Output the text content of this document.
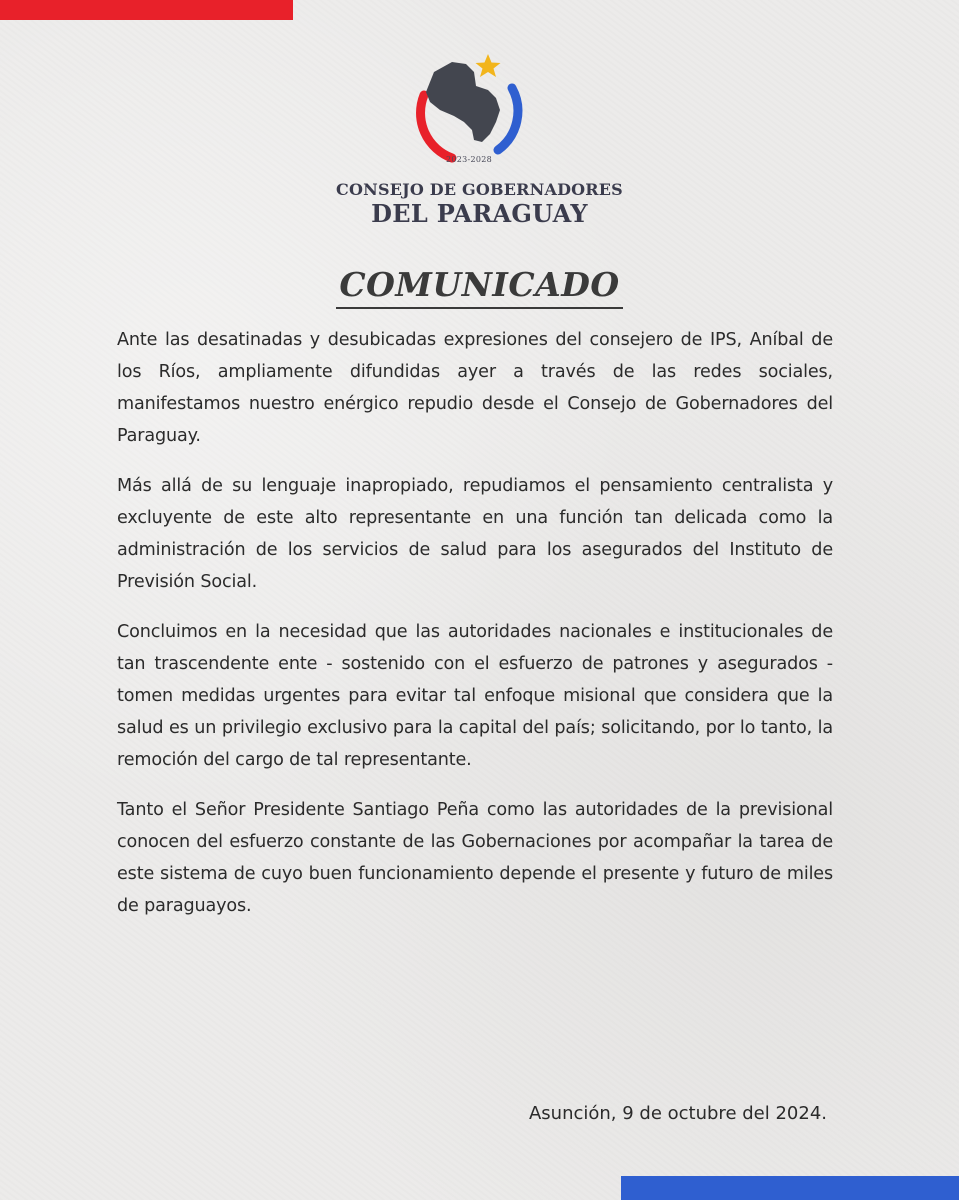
2023-2028
CONSEJO DE GOBERNADORES
DEL PARAGUAY
COMUNICADO

Ante las desatinadas y desubicadas expresiones del consejero de IPS, Aníbal de los Ríos, ampliamente difundidas ayer a través de las redes sociales, manifestamos nuestro enérgico repudio desde el Consejo de Gobernadores del Paraguay.

Más allá de su lenguaje inapropiado, repudiamos el pensamiento centralista y excluyente de este alto representante en una función tan delicada como la administración de los servicios de salud para los asegurados del Instituto de Previsión Social.

Concluimos en la necesidad que las autoridades nacionales e institucionales de tan trascendente ente - sostenido con el esfuerzo de patrones y asegurados - tomen medidas urgentes para evitar tal enfoque misional que considera que la salud es un privilegio exclusivo para la capital del país; solicitando, por lo tanto, la remoción del cargo de tal representante.

Tanto el Señor Presidente Santiago Peña como las autoridades de la previsional conocen del esfuerzo constante de las Gobernaciones por acompañar la tarea de este sistema de cuyo buen funcionamiento depende el presente y futuro de miles de paraguayos.

Asunción, 9 de octubre del 2024.
